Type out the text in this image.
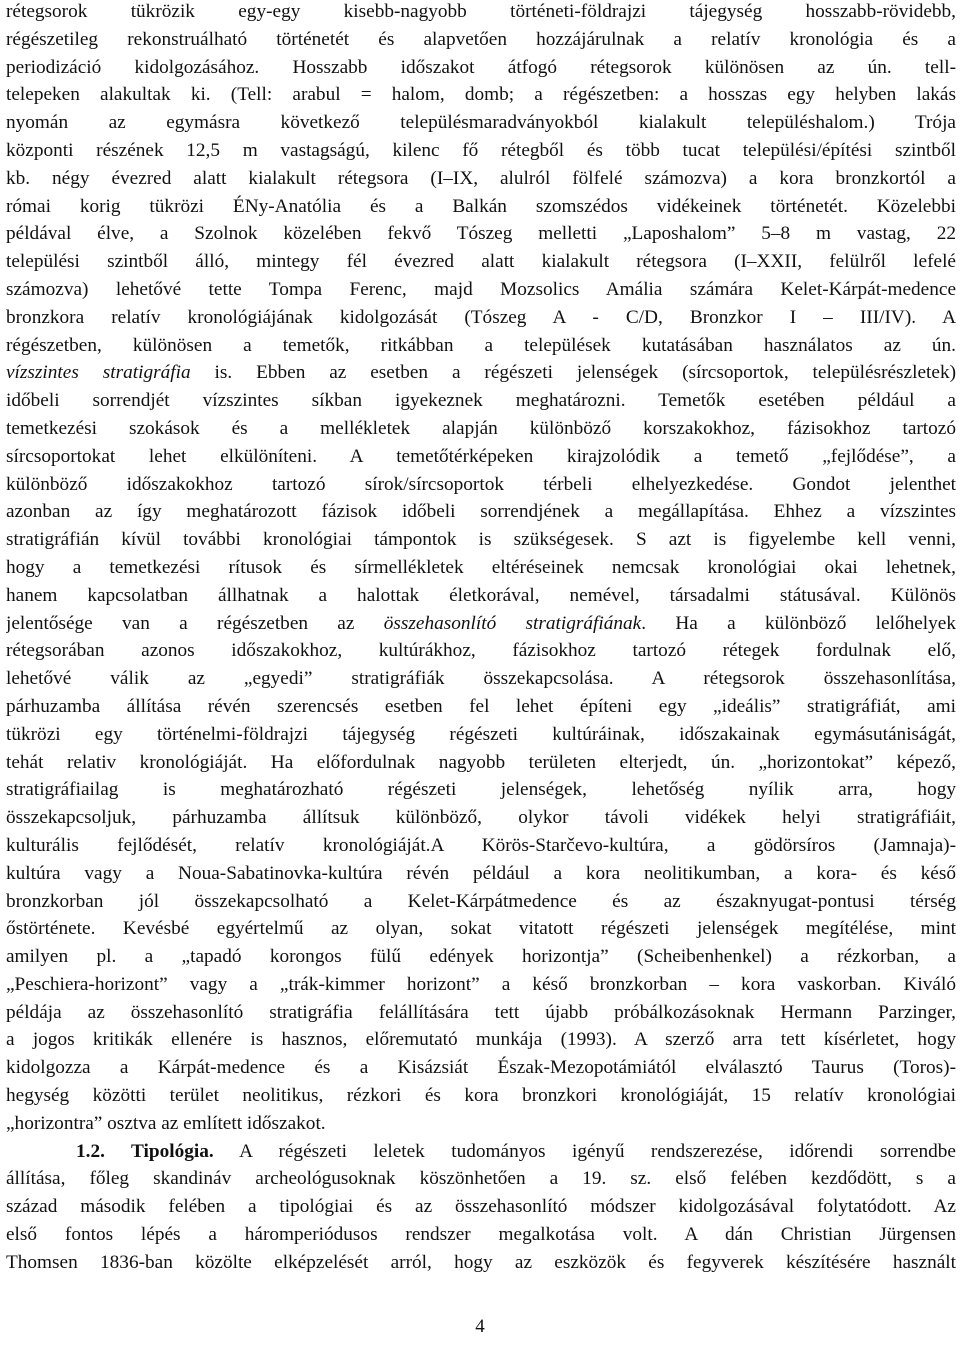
rétegsorok tükrözik egy-egy kisebb-nagyobb történeti-földrajzi tájegység hosszabb-rövidebb,
régészetileg rekonstruálható történetét és alapvetően hozzájárulnak a relatív kronológia és a
periodizáció kidolgozásához. Hosszabb időszakot átfogó rétegsorok különösen az ún. tell-
telepeken alakultak ki. (Tell: arabul = halom, domb; a régészetben: a hosszas egy helyben lakás
nyomán az egymásra következő településmaradványokból kialakult településhalom.) Trója
központi részének 12,5 m vastagságú, kilenc fő rétegből és több tucat települési/építési szintből
kb. négy évezred alatt kialakult rétegsora (I–IX, alulról fölfelé számozva) a kora bronzkortól a
római korig tükrözi ÉNy-Anatólia és a Balkán szomszédos vidékeinek történetét. Közelebbi
példával élve, a Szolnok közelében fekvő Tószeg melletti „Laposhalom” 5–8 m vastag, 22
települési szintből álló, mintegy fél évezred alatt kialakult rétegsora (I–XXII, felülről lefelé
számozva) lehetővé tette Tompa Ferenc, majd Mozsolics Amália számára Kelet-Kárpát-medence
bronzkora relatív kronológiájának kidolgozását (Tószeg A - C/D, Bronzkor I – III/IV). A
régészetben, különösen a temetők, ritkábban a települések kutatásában használatos az ún.
vízszintes stratigráfia is. Ebben az esetben a régészeti jelenségek (sírcsoportok, településrészletek)
időbeli sorrendjét vízszintes síkban igyekeznek meghatározni. Temetők esetében például a
temetkezési szokások és a mellékletek alapján különböző korszakokhoz, fázisokhoz tartozó
sírcsoportokat lehet elkülöníteni. A temetőtérképeken kirajzolódik a temető „fejlődése”, a
különböző időszakokhoz tartozó sírok/sírcsoportok térbeli elhelyezkedése. Gondot jelenthet
azonban az így meghatározott fázisok időbeli sorrendjének a megállapítása. Ehhez a vízszintes
stratigráfián kívül további kronológiai támpontok is szükségesek. S azt is figyelembe kell venni,
hogy a temetkezési rítusok és sírmellékletek eltéréseinek nemcsak kronológiai okai lehetnek,
hanem kapcsolatban állhatnak a halottak életkorával, nemével, társadalmi státusával. Különös
jelentősége van a régészetben az összehasonlító stratigráfiának. Ha a különböző lelőhelyek
rétegsorában azonos időszakokhoz, kultúrákhoz, fázisokhoz tartozó rétegek fordulnak elő,
lehetővé válik az „egyedi” stratigráfiák összekapcsolása. A rétegsorok összehasonlítása,
párhuzamba állítása révén szerencsés esetben fel lehet építeni egy „ideális” stratigráfiát, ami
tükrözi egy történelmi-földrajzi tájegység régészeti kultúráinak, időszakainak egymásutániságát,
tehát relativ kronológiáját. Ha előfordulnak nagyobb területen elterjedt, ún. „horizontokat” képező,
stratigráfiailag is meghatározható régészeti jelenségek, lehetőség nyílik arra, hogy
összekapcsoljuk, párhuzamba állítsuk különböző, olykor távoli vidékek helyi stratigráfiáit,
kulturális fejlődését, relatív kronológiáját.A Körös-Starčevo-kultúra, a gödörsíros (Jamnaja)-
kultúra vagy a Noua-Sabatinovka-kultúra révén például a kora neolitikumban, a kora- és késő
bronzkorban jól összekapcsolható a Kelet-Kárpátmedence és az északnyugat-pontusi térség
őstörténete. Kevésbé egyértelmű az olyan, sokat vitatott régészeti jelenségek megítélése, mint
amilyen pl. a „tapadó korongos fülű edények horizontja” (Scheibenhenkel) a rézkorban, a
„Peschiera-horizont” vagy a „trák-kimmer horizont” a késő bronzkorban – kora vaskorban. Kiváló
példája az összehasonlító stratigráfia felállítására tett újabb próbálkozásoknak Hermann Parzinger,
a jogos kritikák ellenére is hasznos, előremutató munkája (1993). A szerző arra tett kísérletet, hogy
kidolgozza a Kárpát-medence és a Kisázsiát Észak-Mezopotámiától elválasztó Taurus (Toros)-
hegység közötti terület neolitikus, rézkori és kora bronzkori kronológiáját, 15 relatív kronológiai
„horizontra” osztva az említett időszakot.
1.2. Tipológia. A régészeti leletek tudományos igényű rendszerezése, időrendi sorrendbe
állítása, főleg skandináv archeológusoknak köszönhetően a 19. sz. első felében kezdődött, s a
század második felében a tipológiai és az összehasonlító módszer kidolgozásával folytatódott. Az
első fontos lépés a háromperiódusos rendszer megalkotása volt. A dán Christian Jürgensen
Thomsen 1836-ban közölte elképzelését arról, hogy az eszközök és fegyverek készítésére használt
4
